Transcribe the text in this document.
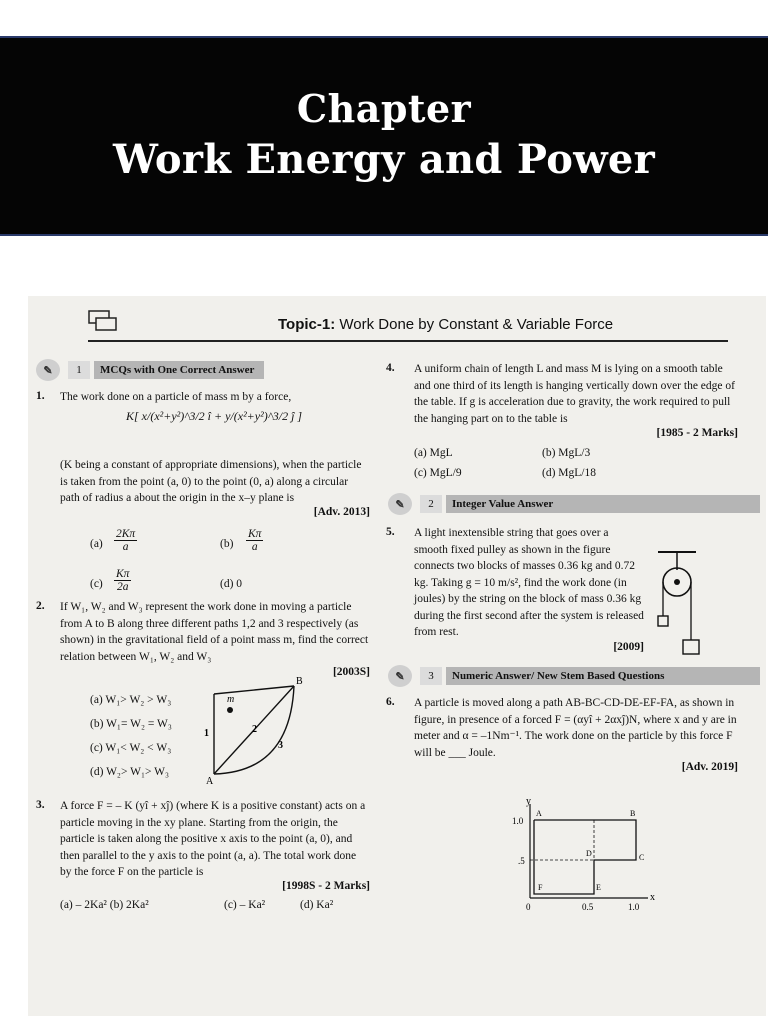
Chapter
Work Energy and Power
Topic-1: Work Done by Constant & Variable Force
✎	1	MCQs with One Correct Answer
1. The work done on a particle of mass m by a force,
K[ x/(x²+y²)^3/2 î + y/(x²+y²)^3/2 ĵ ]
(K being a constant of appropriate dimensions), when the particle is taken from the point (a, 0) to the point (0, a) along a circular path of radius a about the origin in the x–y plane is
[Adv. 2013]
$(a) \frac{2K\pi}{a}$	$(b) \frac{K\pi}{a}$
$(c) \frac{K\pi}{2a}$	(d) 0
2. If W₁, W₂ and W₃ represent the work done in moving a particle from A to B along three different paths 1,2 and 3 respectively (as shown) in the gravitational field of a point mass m, find the correct relation between W₁, W₂ and W₃
[2003S]
(a) W₁> W₂ > W₃
(b) W₁= W₂ = W₃
(c) W₁< W₂ < W₃
(d) W₂> W₁> W₃
m
A
B
1	2
3
3. A force F = – K (yî + xĵ) (where K is a positive constant) acts on a particle moving in the xy plane. Starting from the origin, the particle is taken along the positive x axis to the point (a, 0), and then parallel to the y axis to the point (a, a). The total work done by the force F on the particle is
[1998S - 2 Marks]
(a) – 2Ka² (b) 2Ka²	(c) – Ka²	(d) Ka²
4. A uniform chain of length L and mass M is lying on a smooth table and one third of its length is hanging vertically down over the edge of the table. If g is acceleration due to gravity, the work required to pull the hanging part on to the table is
[1985 - 2 Marks]
(a) MgL	(b) MgL/3
(c) MgL/9	(d) MgL/18
✎	2	Integer Value Answer
5. A light inextensible string that goes over a smooth fixed pulley as shown in the figure connects two blocks of masses 0.36 kg and 0.72 kg. Taking g = 10 m/s², find the work done (in joules) by the string on the block of mass 0.36 kg during the first second after the system is released from rest.
[2009]
✎	3	Numeric Answer/ New Stem Based Questions
6. A particle is moved along a path AB-BC-CD-DE-EF-FA, as shown in figure, in presence of a forced F = (αyî + 2αxĵ)N, where x and y are in meter and α = –1Nm⁻¹. The work done on the particle by this force F will be ___ Joule.
[Adv. 2019]
y
x
0	0.5	1.0
.5
1.0
A	B
C
D
E
F
